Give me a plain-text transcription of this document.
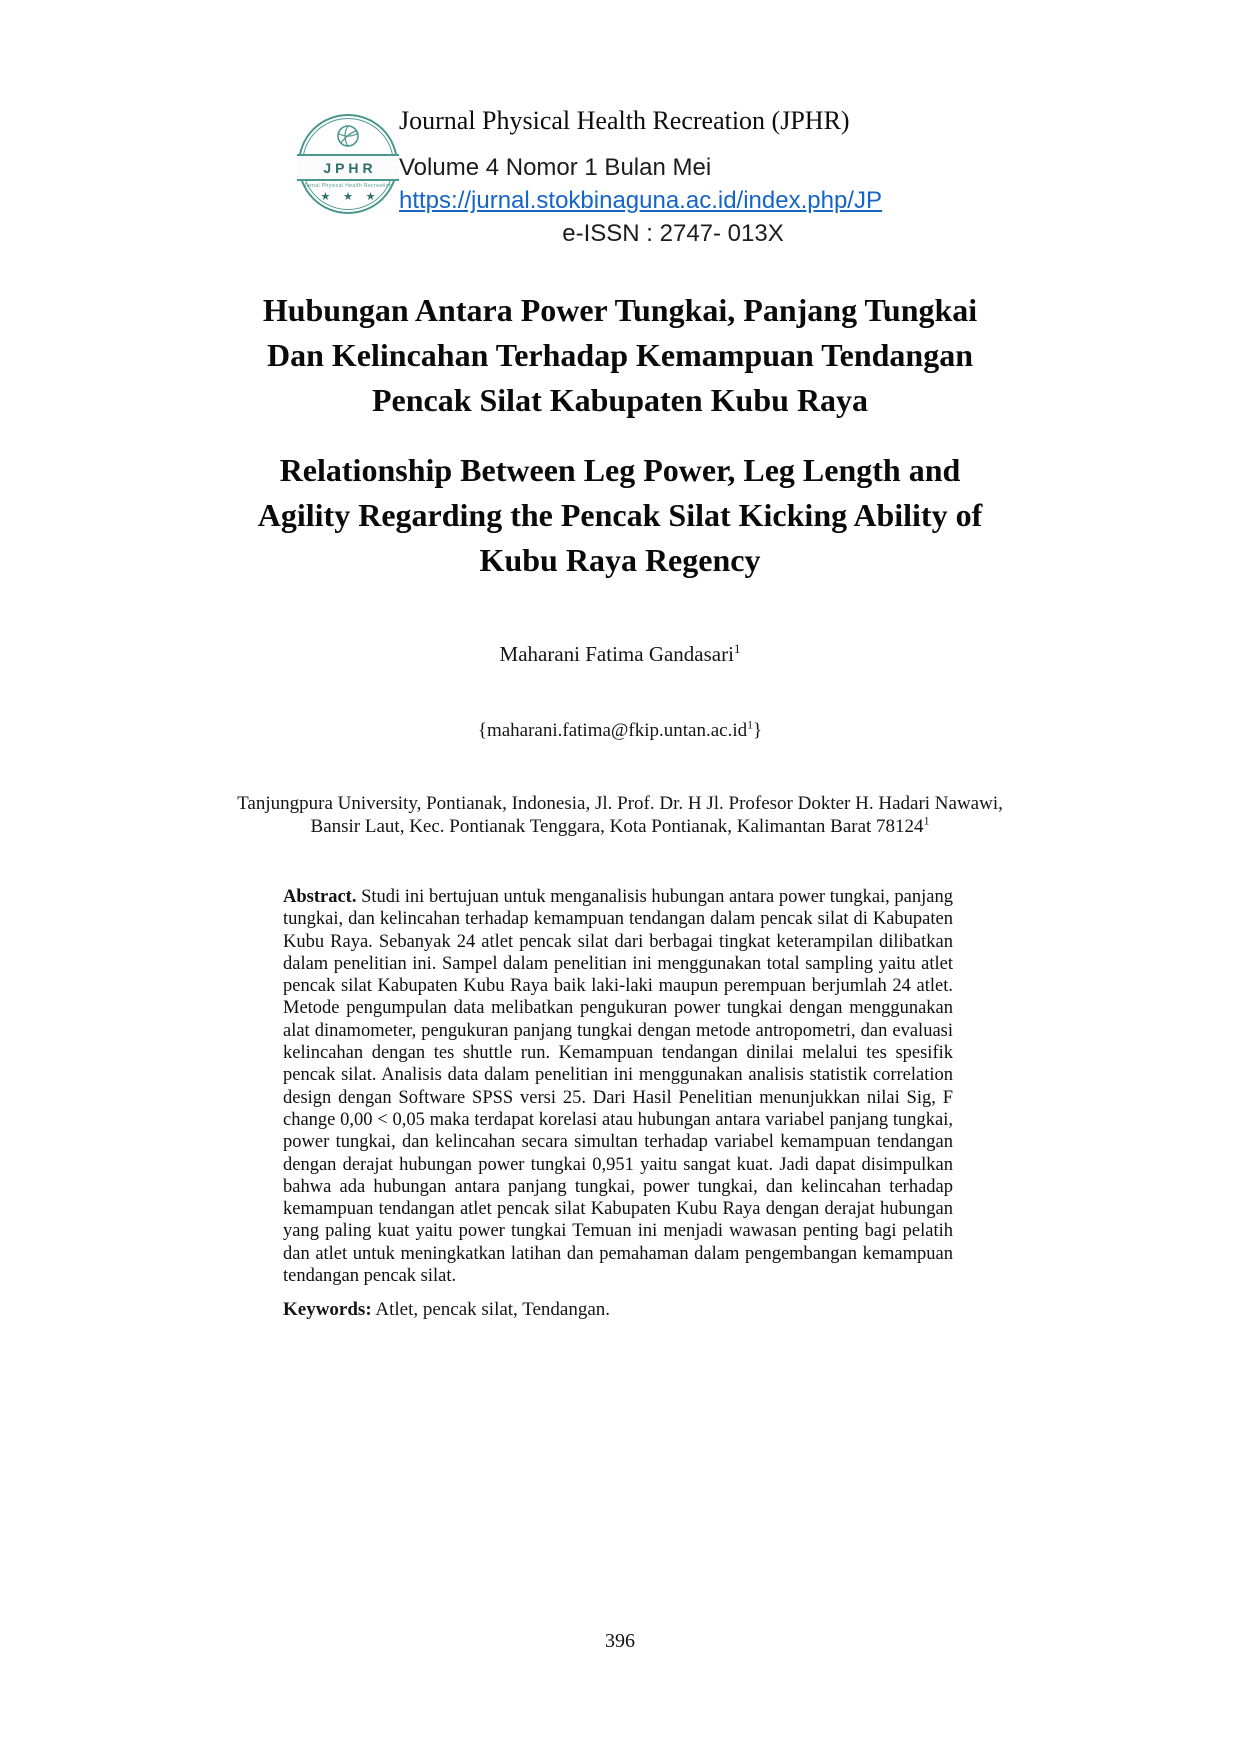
JPHR
Jurnal Physical Health Recreation
★ ★ ★
Journal Physical Health Recreation (JPHR)
Volume 4 Nomor 1 Bulan Mei
https://jurnal.stokbinaguna.ac.id/index.php/JP
e-ISSN : 2747- 013X
Hubungan Antara Power Tungkai, Panjang Tungkai
Dan Kelincahan Terhadap Kemampuan Tendangan
Pencak Silat Kabupaten Kubu Raya
Relationship Between Leg Power, Leg Length and
Agility Regarding the Pencak Silat Kicking Ability of
Kubu Raya Regency
Maharani Fatima Gandasari$^1$
$\{maharani.fatima@fkip.untan.ac.id^1\}$
Tanjungpura University, Pontianak, Indonesia, Jl. Prof. Dr. H Jl. Profesor Dokter H. Hadari Nawawi,
Bansir Laut, Kec. Pontianak Tenggara, Kota Pontianak, Kalimantan Barat 78124$^1$
Abstract. Studi ini bertujuan untuk menganalisis hubungan antara power tungkai, panjang tungkai, dan kelincahan terhadap kemampuan tendangan dalam pencak silat di Kabupaten Kubu Raya. Sebanyak 24 atlet pencak silat dari berbagai tingkat keterampilan dilibatkan dalam penelitian ini. Sampel dalam penelitian ini menggunakan total sampling yaitu atlet pencak silat Kabupaten Kubu Raya baik laki-laki maupun perempuan berjumlah 24 atlet. Metode pengumpulan data melibatkan pengukuran power tungkai dengan menggunakan alat dinamometer, pengukuran panjang tungkai dengan metode antropometri, dan evaluasi kelincahan dengan tes shuttle run. Kemampuan tendangan dinilai melalui tes spesifik pencak silat. Analisis data dalam penelitian ini menggunakan analisis statistik correlation design dengan Software SPSS versi 25. Dari Hasil Penelitian menunjukkan nilai Sig, F change 0,00 < 0,05 maka terdapat korelasi atau hubungan antara variabel panjang tungkai, power tungkai, dan kelincahan secara simultan terhadap variabel kemampuan tendangan dengan derajat hubungan power tungkai 0,951 yaitu sangat kuat. Jadi dapat disimpulkan bahwa ada hubungan antara panjang tungkai, power tungkai, dan kelincahan terhadap kemampuan tendangan atlet pencak silat Kabupaten Kubu Raya dengan derajat hubungan yang paling kuat yaitu power tungkai Temuan ini menjadi wawasan penting bagi pelatih dan atlet untuk meningkatkan latihan dan pemahaman dalam pengembangan kemampuan tendangan pencak silat.
Keywords: Atlet, pencak silat, Tendangan.
396
